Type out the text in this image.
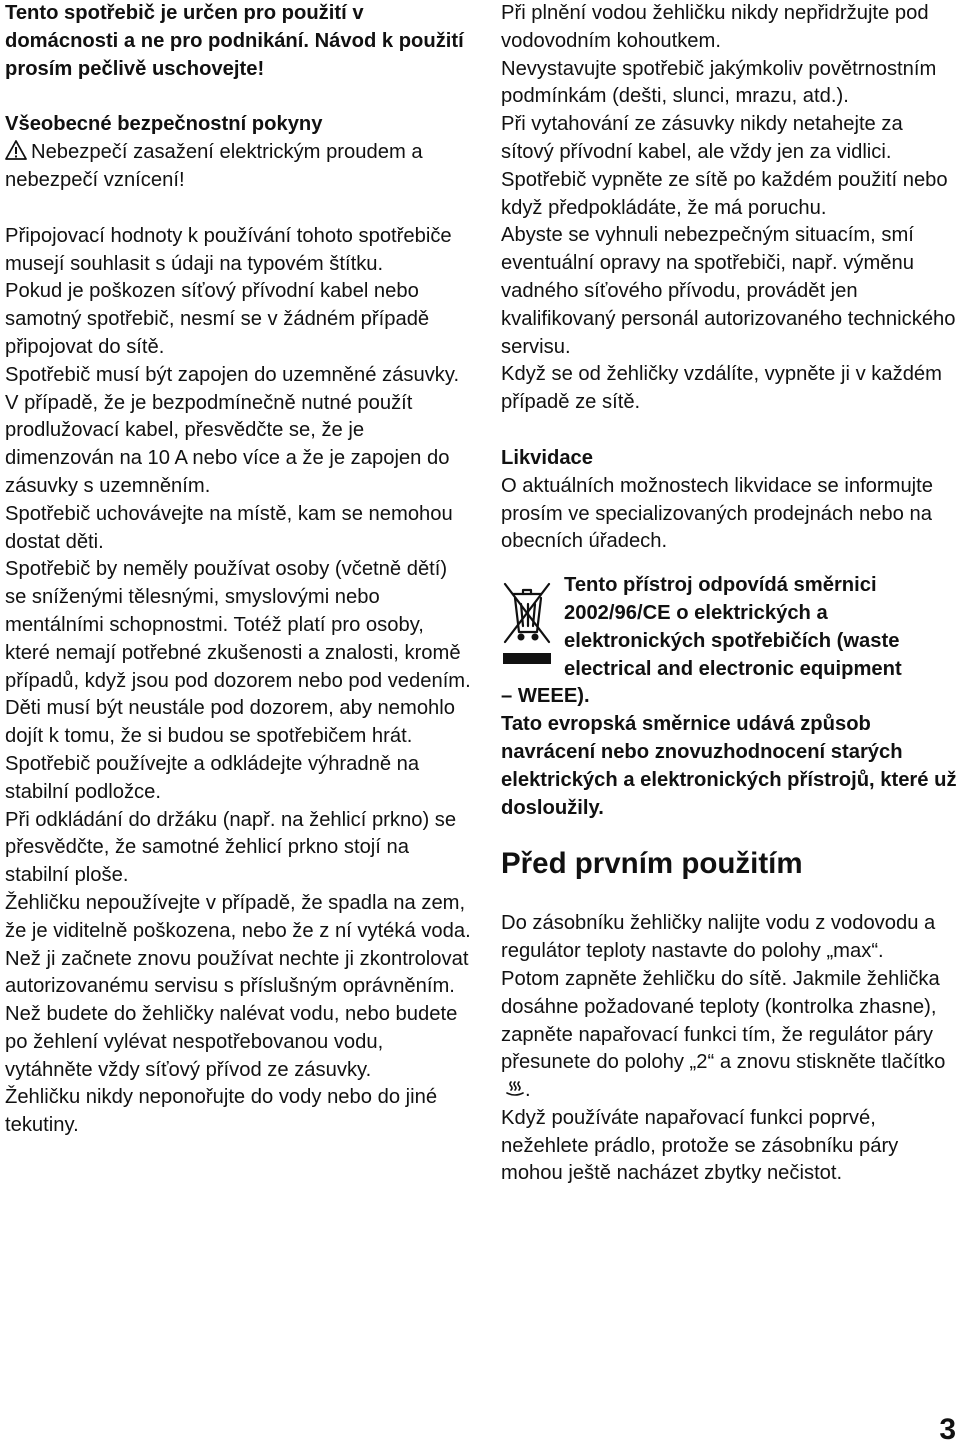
Tento spotřebič je určen pro použití v domácnosti a ne pro podnikání. Návod k použití prosím pečlivě uschovejte!

Všeobecné bezpečnostní pokyny

Nebezpečí zasažení elektrickým proudem a nebezpečí vznícení!

Připojovací hodnoty k používání tohoto spotřebiče musejí souhlasit s údaji na typovém štítku.

Pokud je poškozen síťový přívodní kabel nebo samotný spotřebič, nesmí se v žádném případě připojovat do sítě.

Spotřebič musí být zapojen do uzemněné zásuvky. V případě, že je bezpodmínečně nutné použít prodlužovací kabel, přesvědčte se, že je dimenzován na 10 A nebo více a že je zapojen do zásuvky s uzemněním.

Spotřebič uchovávejte na místě, kam se nemohou dostat děti.

Spotřebič by neměly používat osoby (včetně dětí) se sníženými tělesnými, smyslovými nebo mentálními schopnostmi. Totéž platí pro osoby, které nemají potřebné zkušenosti a znalosti, kromě případů, když jsou pod dozorem nebo pod vedením.

Děti musí být neustále pod dozorem, aby nemohlo dojít k tomu, že si budou se spotřebičem hrát.

Spotřebič používejte a odkládejte výhradně na stabilní podložce.

Při odkládání do držáku (např. na žehlicí prkno) se přesvědčte, že samotné žehlicí prkno stojí na stabilní ploše.

Žehličku nepoužívejte v případě, že spadla na zem, že je viditelně poškozena, nebo že z ní vytéká voda. Než ji začnete znovu používat nechte ji zkontrolovat autorizovanému servisu s příslušným oprávněním.

Než budete do žehličky nalévat vodu, nebo budete po žehlení vylévat nespotřebovanou vodu, vytáhněte vždy síťový přívod ze zásuvky.

Žehličku nikdy neponořujte do vody nebo do jiné tekutiny.

Při plnění vodou žehličku nikdy nepřidržujte pod vodovodním kohoutkem.

Nevystavujte spotřebič jakýmkoliv povětrnostním podmínkám (dešti, slunci, mrazu, atd.).

Při vytahování ze zásuvky nikdy netahejte za sítový přívodní kabel, ale vždy jen za vidlici.

Spotřebič vypněte ze sítě po každém použití nebo když předpokládáte, že má poruchu.

Abyste se vyhnuli nebezpečným situacím, smí eventuální opravy na spotřebiči, např. výměnu vadného síťového přívodu, provádět jen kvalifikovaný personál autorizovaného technického servisu.

Když se od žehličky vzdálíte, vypněte ji v každém případě ze sítě.

Likvidace

O aktuálních možnostech likvidace se informujte prosím ve specializovaných prodejnách nebo na obecních úřadech.

Tento přístroj odpovídá směrnici 2002/96/CE o elektrických a elektronických spotřebičích (waste electrical and electronic equipment

– WEEE).

Tato evropská směrnice udává způsob navrácení nebo znovuzhodnocení starých elektrických a elektronických přístrojů, které už dosloužily.

Před prvním použitím

Do zásobníku žehličky nalijte vodu z vodovodu a regulátor teploty nastavte do polohy „max“.

Potom zapněte žehličku do sítě. Jakmile žehlička dosáhne požadované teploty (kontrolka zhasne), zapněte napařovací funkci tím, že regulátor páry přesunete do polohy „2“ a znovu stiskněte tlačítko.

Když používáte napařovací funkci poprvé, nežehlete prádlo, protože se zásobníku páry mohou ještě nacházet zbytky nečistot.

3
